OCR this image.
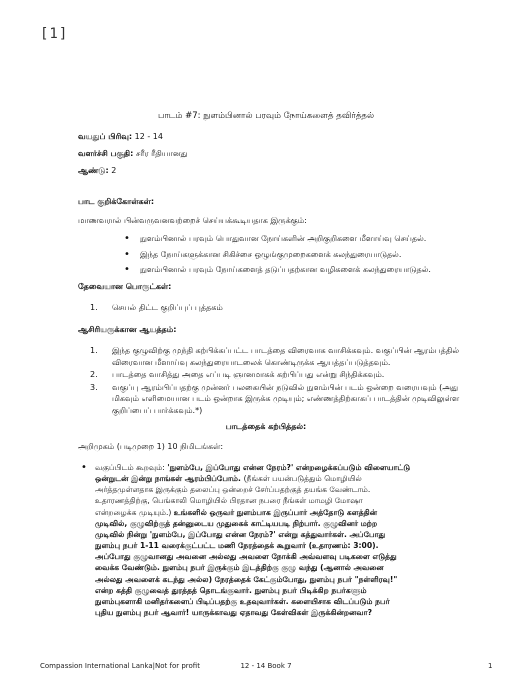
[1]
பாடம் #7: நுளம்பினால் பரவும் நோய்களைத் தவிர்த்தல்
வயதுப் பிரிவு: 12 - 14
வளர்ச்சி பகுதி: சரீர ரீதியானது
ஆண்டு: 2
பாட குறிக்கோள்கள்:
மாணவரால் பின்வருவனவற்றைச் செய்யக்கூடியதாக இருக்கும்:
• நுளம்பினால் பரவும் பொதுவான நோய்களின் அறிகுறிகளை மீளாய்வு செய்தல்.
• இந்த நோய்களுக்கான சிகிச்சை ஒழுங்குமுறைகளைக் கலந்துரையாடுதல்.
• நுளம்பினால் பரவும் நோய்களைத் தடுப்பதற்கான வழிகளைக் கலந்துரையாடுதல்.
தேவையான பொருட்கள்:
1. செயல் திட்ட குறிப்புப் புத்தகம்
ஆசிரியருக்கான ஆயத்தம்:
1. இந்த குழுவிற்கு முந்தி கற்பிக்கப்பட்ட பாடத்தை விரைவாக வாசிக்கவும். வகுப்பின் ஆரம்பத்தில் விரைவான மீளாய்வு கலந்துரையாடலைக் கொண்டிருக்க ஆயத்தப்படுத்தவும்.
2. பாடத்தை வாசித்து அதை எப்படி ஞானமாகக் கற்பிப்பது என்று சிந்திக்கவும்.
3. வகுப்பு ஆரம்பிப்பதற்கு முன்னர் பலகையின் நடுவில் நுளம்பின் படம் ஒன்றை வரையவும் (அது மிகவும் எளிமையான படம் ஒன்றாக இருக்க முடியும்; எண்ணத்திற்காகப் பாடத்தின் முடிவிலுள்ள குறிப்பைப் பார்க்கவும்.*)
பாடத்தைக் கற்பித்தல்:
அறிமுகம் (படிமுறை 1) 10 நிமிடங்கள்:
• வகுப்பிடம் கூறவும்: 'நுளம்பே, இப்போது என்ன நேரம்?' என்றழைக்கப்படும் விளையாட்டு
ஒன்றுடன் இன்று நாங்கள் ஆரம்பிப்போம். (நீங்கள் பயன்படுத்தும் மொழியில்
அர்த்தமுள்ளதாக இருக்கும் தலைப்பு ஒன்றைச் சேர்ப்பதற்குத் தயங்க வேண்டாம்.
உதாரணத்திற்கு, பெங்காலி மொழியில் பிரதான நபரை நீங்கள் மாமழி மோஷா
என்றழைக்க முடியும்.) உங்களில் ஒருவர் நுளம்பாக இருப்பார் அத்தோடு களத்தின்
முடிவில், குழுவிற்குத் தன்னுடைய முதுகைக் காட்டியபடி நிற்பார். குழுவினர் மற்ற
முடிவில் நின்று 'நுளம்பே, இப்போது என்ன நேரம்?' என்று கத்துவார்கள். அப்போது
நுளம்பு நபர் 1-11 வரைக்குட்பட்ட மணி நேரத்தைக் கூறுவார் (உதாரணம்: 3:00).
அப்போது குழுவானது அவனை அல்லது அவளை நோக்கி அவ்வளவு படிகளை எடுத்து
வைக்க வேண்டும். நுளம்பு நபர் இருக்கும் இடத்திற்கு குழு வந்து (ஆனால் அவனை
அல்லது அவளைக் கடந்து அல்ல) நேரத்தைக் கேட்கும்போது, நுளம்பு நபர் "நள்ளிரவு!"
என்ற கத்தி குழுவைத் துரத்தத் தொடங்குவார். நுளம்பு நபர் பிடிக்கிற நபர்களும்
நுளம்புகளாகி மனிதர்களைப் பிடிப்பதற்கு உதவுவார்கள். களையிசாக விடப்படும் நபர்
புதிய நுளம்பு நபர் ஆவார்! யாருக்காவது ஏதாவது கேள்விகள் இருக்கின்றனவா?
Compassion International Lanka|Not for profit	12 - 14 Book 7	1
